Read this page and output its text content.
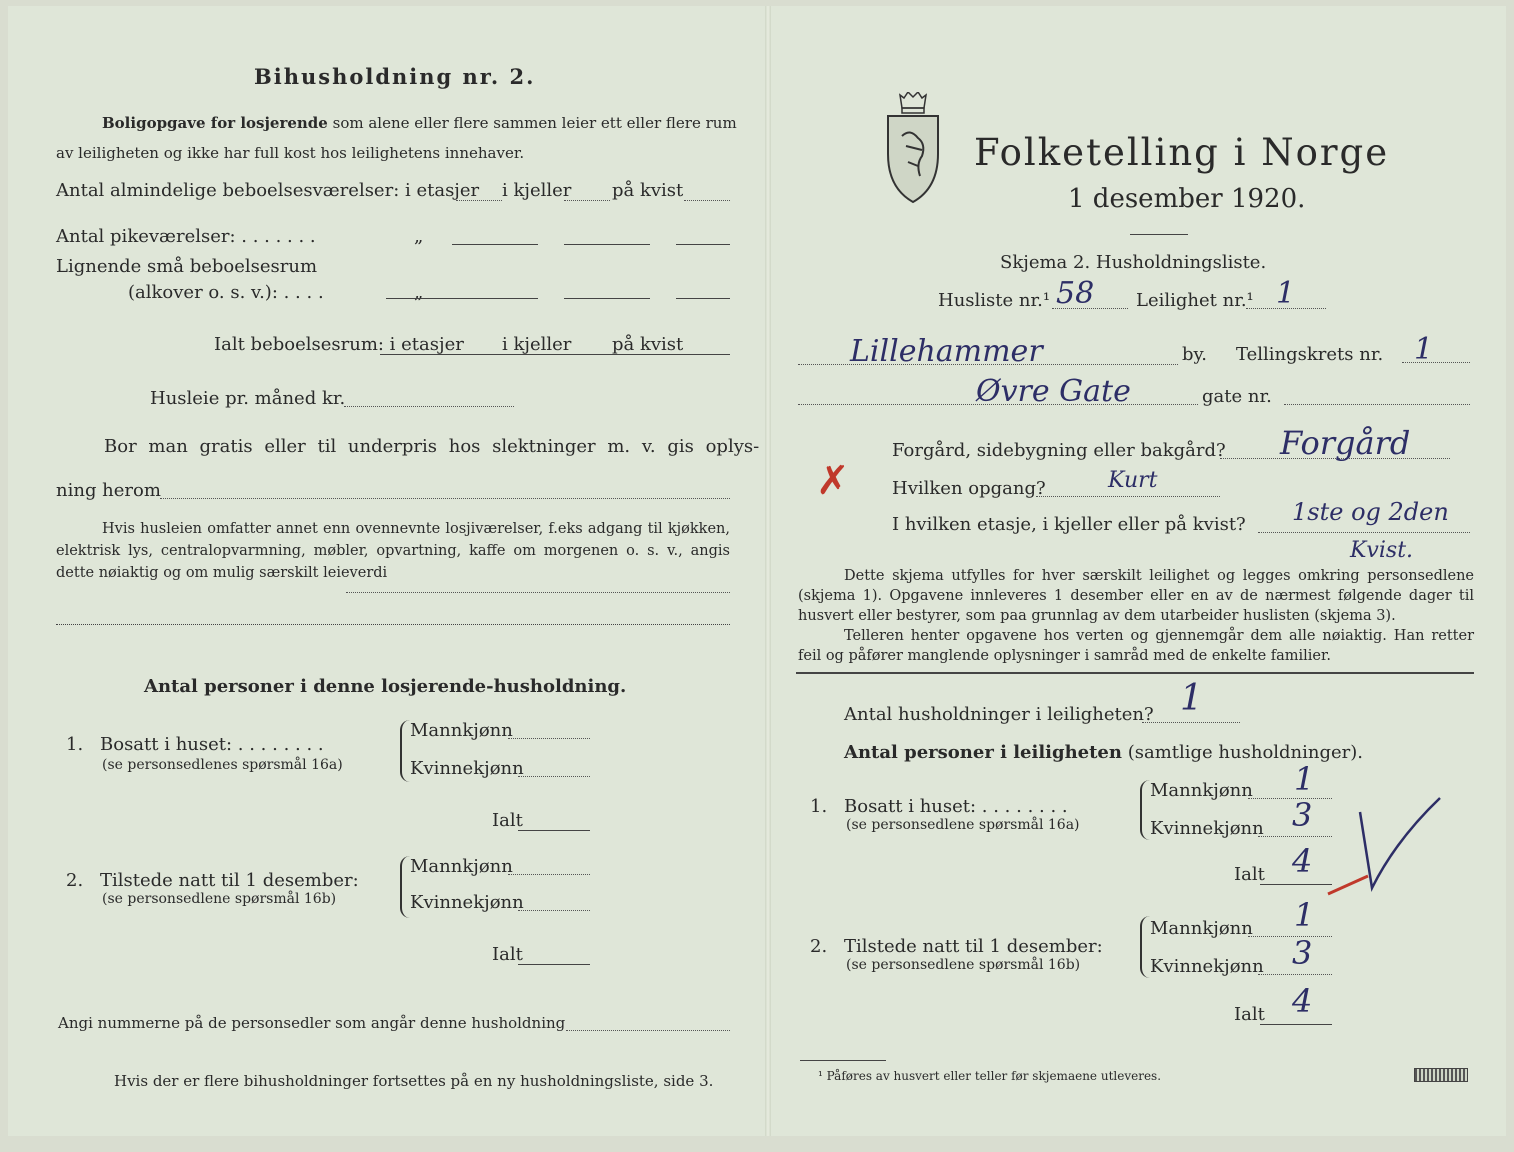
Bihusholdning nr. 2.
Boligopgave for losjerende som alene eller flere sammen leier ett eller flere rum
av leiligheten og ikke har full kost hos leilighetens innehaver.
Antal almindelige beboelsesværelser: i etasjer i kjeller på kvist
Antal pikeværelser: . . . . . . .	„
Lignende små beboelsesrum
(alkover o. s. v.): . . . .	„
Ialt beboelsesrum: i etasjer i kjeller på kvist
Husleie pr. måned kr.
Bor man gratis eller til underpris hos slektninger m. v. gis oplys-
ning herom
Hvis husleien omfatter annet enn ovennevnte losjiværelser, f.eks adgang til kjøkken, elektrisk lys, centralopvarmning, møbler, opvartning, kaffe om morgenen o. s. v., angis dette nøiaktig og om mulig særskilt leieverdi
Antal personer i denne losjerende-husholdning.
1. Bosatt i huset: . . . . . . . .
(se personsedlenes spørsmål 16a)
Mannkjønn
Kvinnekjønn
Ialt
2. Tilstede natt til 1 desember:
(se personsedlene spørsmål 16b)
Mannkjønn
Kvinnekjønn
Ialt
Angi nummerne på de personsedler som angår denne husholdning
Hvis der er flere bihusholdninger fortsettes på en ny husholdningsliste, side 3.
Folketelling i Norge
1 desember 1920.
Skjema 2. Husholdningsliste.
Husliste nr.¹ 58 Leilighet nr.¹ 1
Lillehammer	by. Tellingskrets nr. 1
Øvre Gate	gate nr.
✗
Forgård, sidebygning eller bakgård? Forgård
Hvilken opgang?	Kurt
I hvilken etasje, i kjeller eller på kvist? 1ste og 2den
Kvist.
Dette skjema utfylles for hver særskilt leilighet og legges omkring personsedlene (skjema 1). Opgavene innleveres 1 desember eller en av de nærmest følgende dager til husvert eller bestyrer, som paa grunnlag av dem utarbeider huslisten (skjema 3).
Telleren henter opgavene hos verten og gjennemgår dem alle nøiaktig. Han retter feil og påfører manglende oplysninger i samråd med de enkelte familier.
Antal husholdninger i leiligheten? 1
Antal personer i leiligheten (samtlige husholdninger).
1. Bosatt i huset: . . . . . . . .
(se personsedlene spørsmål 16a)
Mannkjønn 1
Kvinnekjønn 3
Ialt 4
2. Tilstede natt til 1 desember:
(se personsedlene spørsmål 16b)
Mannkjønn 1
Kvinnekjønn 3
Ialt 4
¹ Påføres av husvert eller teller før skjemaene utleveres.
